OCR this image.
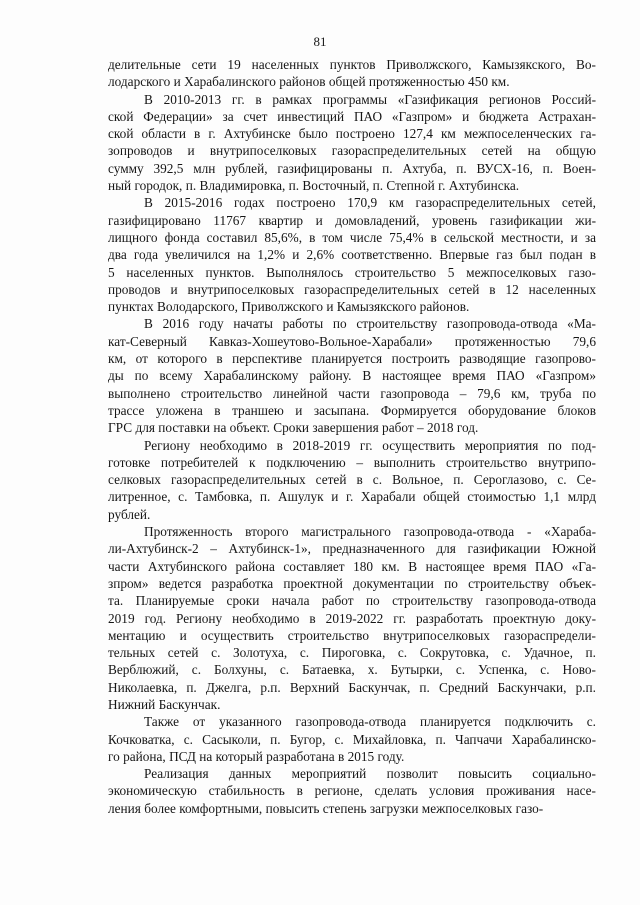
81
делительные сети 19 населенных пунктов Приволжского, Камызякского, Во-
лодарского и Харабалинского районов общей протяженностью 450 км.
В 2010-2013 гг. в рамках программы «Газификация регионов Россий-
ской Федерации» за счет инвестиций ПАО «Газпром» и бюджета Астрахан-
ской области в г. Ахтубинске было построено 127,4 км межпоселенческих га-
зопроводов и внутрипоселковых газораспределительных сетей на общую
сумму 392,5 млн рублей, газифицированы п. Ахтуба, п. ВУСХ-16, п. Воен-
ный городок, п. Владимировка, п. Восточный, п. Степной г. Ахтубинска.
В 2015-2016 годах построено 170,9 км газораспределительных сетей,
газифицировано 11767 квартир и домовладений, уровень газификации жи-
лищного фонда составил 85,6%, в том числе 75,4% в сельской местности, и за
два года увеличился на 1,2% и 2,6% соответственно. Впервые газ был подан в
5 населенных пунктов. Выполнялось строительство 5 межпоселковых газо-
проводов и внутрипоселковых газораспределительных сетей в 12 населенных
пунктах Володарского, Приволжского и Камызякского районов.
В 2016 году начаты работы по строительству газопровода-отвода «Ма-
кат-Северный Кавказ-Хошеутово-Вольное-Харабали» протяженностью 79,6
км, от которого в перспективе планируется построить разводящие газопрово-
ды по всему Харабалинскому району. В настоящее время ПАО «Газпром»
выполнено строительство линейной части газопровода – 79,6 км, труба по
трассе уложена в траншею и засыпана. Формируется оборудование блоков
ГРС для поставки на объект. Сроки завершения работ – 2018 год.
Региону необходимо в 2018-2019 гг. осуществить мероприятия по под-
готовке потребителей к подключению – выполнить строительство внутрипо-
селковых газораспределительных сетей в с. Вольное, п. Сероглазово, с. Се-
литренное, с. Тамбовка, п. Ашулук и г. Харабали общей стоимостью 1,1 млрд
рублей.
Протяженность второго магистрального газопровода-отвода - «Хараба-
ли-Ахтубинск-2 – Ахтубинск-1», предназначенного для газификации Южной
части Ахтубинского района составляет 180 км. В настоящее время ПАО «Га-
зпром» ведется разработка проектной документации по строительству объек-
та. Планируемые сроки начала работ по строительству газопровода-отвода
2019 год. Региону необходимо в 2019-2022 гг. разработать проектную доку-
ментацию и осуществить строительство внутрипоселковых газораспредели-
тельных сетей с. Золотуха, с. Пироговка, с. Сокрутовка, с. Удачное, п.
Верблюжий, с. Болхуны, с. Батаевка, х. Бутырки, с. Успенка, с. Ново-
Николаевка, п. Джелга, р.п. Верхний Баскунчак, п. Средний Баскунчаки, р.п.
Нижний Баскунчак.
Также от указанного газопровода-отвода планируется подключить с.
Кочковатка, с. Сасыколи, п. Бугор, с. Михайловка, п. Чапчачи Харабалинско-
го района, ПСД на который разработана в 2015 году.
Реализация данных мероприятий позволит повысить социально-
экономическую стабильность в регионе, сделать условия проживания насе-
ления более комфортными, повысить степень загрузки межпоселковых газо-
